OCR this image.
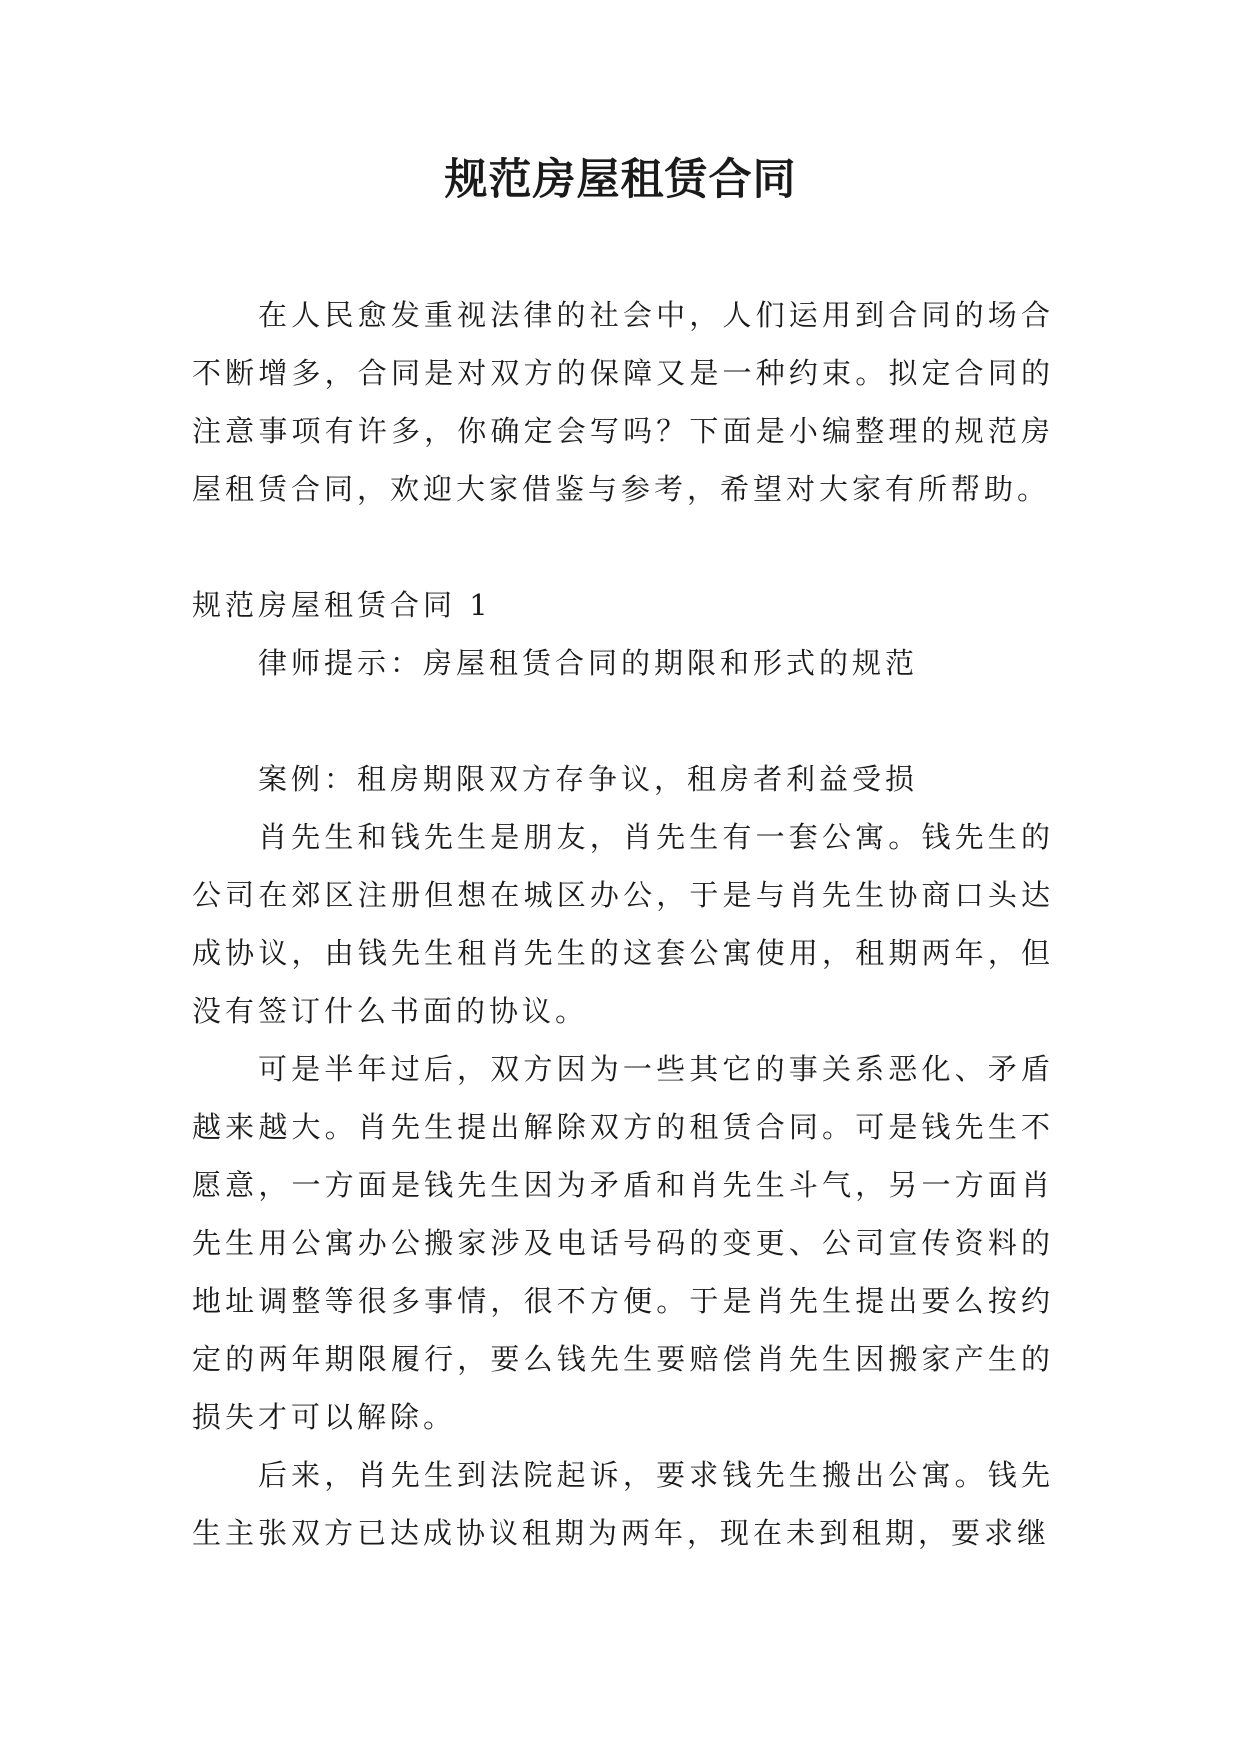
规范房屋租赁合同

在人民愈发重视法律的社会中，人们运用到合同的场合不断增多，合同是对双方的保障又是一种约束。拟定合同的注意事项有许多，你确定会写吗？下面是小编整理的规范房屋租赁合同，欢迎大家借鉴与参考，希望对大家有所帮助。

规范房屋租赁合同 1

律师提示：房屋租赁合同的期限和形式的规范

案例：租房期限双方存争议，租房者利益受损

肖先生和钱先生是朋友，肖先生有一套公寓。钱先生的公司在郊区注册但想在城区办公，于是与肖先生协商口头达成协议，由钱先生租肖先生的这套公寓使用，租期两年，但没有签订什么书面的协议。

可是半年过后，双方因为一些其它的事关系恶化、矛盾越来越大。肖先生提出解除双方的租赁合同。可是钱先生不愿意，一方面是钱先生因为矛盾和肖先生斗气，另一方面肖先生用公寓办公搬家涉及电话号码的变更、公司宣传资料的地址调整等很多事情，很不方便。于是肖先生提出要么按约定的两年期限履行，要么钱先生要赔偿肖先生因搬家产生的损失才可以解除。

后来，肖先生到法院起诉，要求钱先生搬出公寓。钱先生主张双方已达成协议租期为两年，现在未到租期，要求继
